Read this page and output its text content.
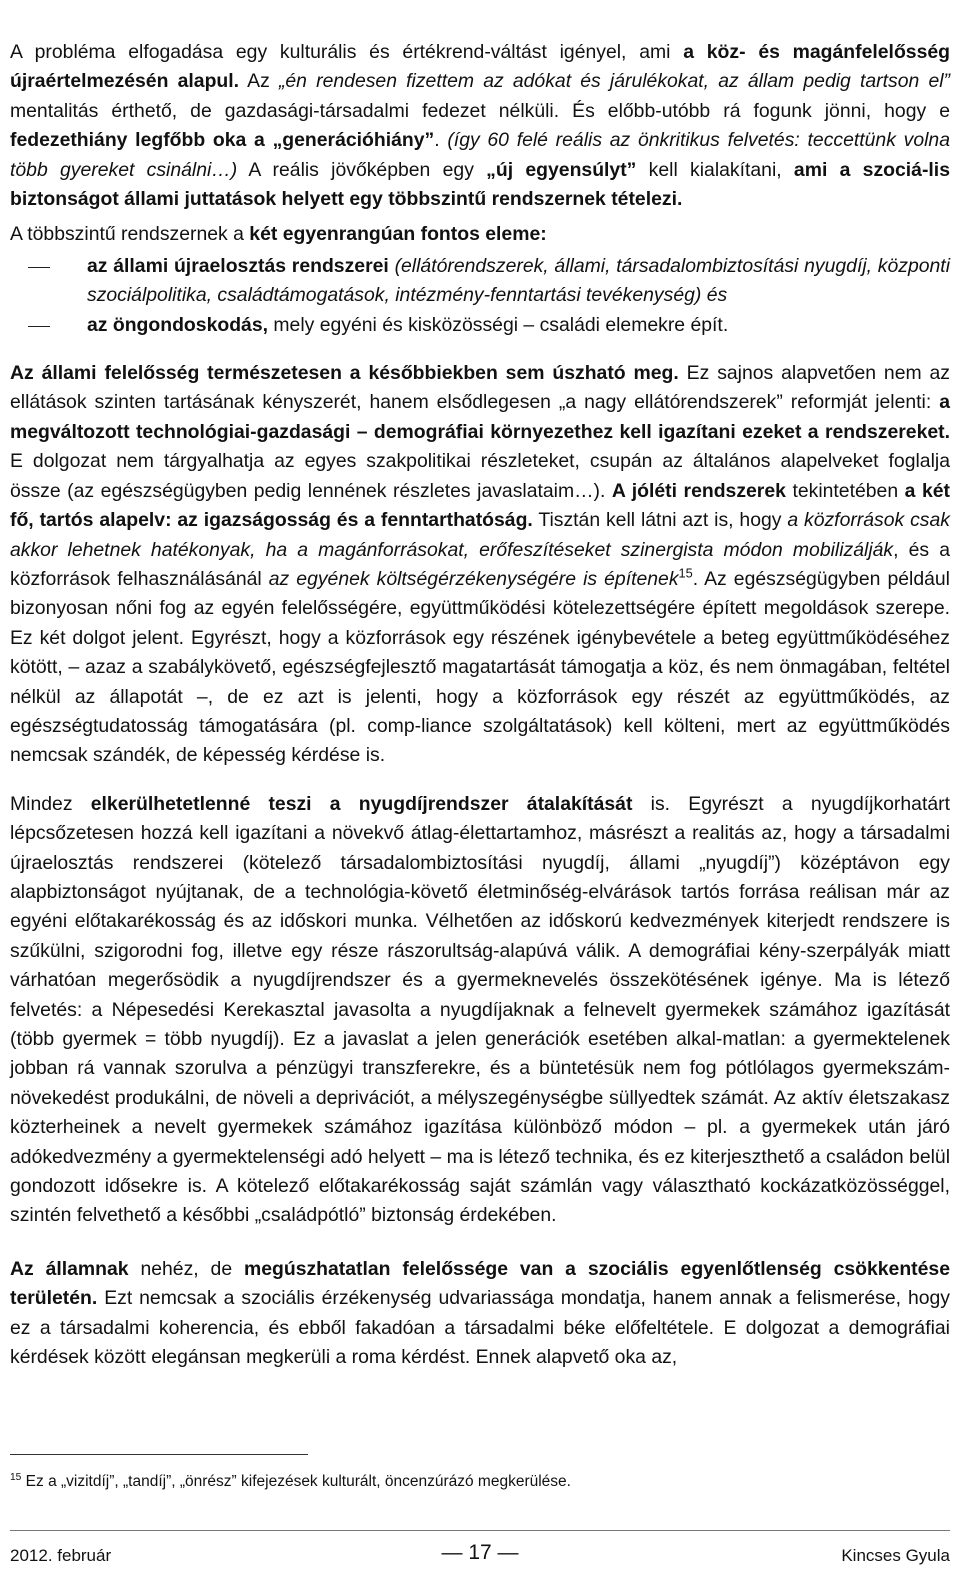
A probléma elfogadása egy kulturális és értékrend-váltást igényel, ami a köz- és magánfelelősség újraértelmezésén alapul. Az „én rendesen fizettem az adókat és járulékokat, az állam pedig tartson el” mentalitás érthető, de gazdasági-társadalmi fedezet nélküli. És előbb-utóbb rá fogunk jönni, hogy e fedezethiány legfőbb oka a „generációhiány”. (így 60 felé reális az önkritikus felvetés: teccettünk volna több gyereket csinálni…) A reális jövőképben egy „új egyensúlyt” kell kialakítani, ami a szociá-lis biztonságot állami juttatások helyett egy többszintű rendszernek tételezi.

A többszintű rendszernek a két egyenrangúan fontos eleme:

az állami újraelosztás rendszerei (ellátórendszerek, állami, társadalombiztosítási nyugdíj, központi szociálpolitika, családtámogatások, intézmény-fenntartási tevékenység) és
az öngondoskodás, mely egyéni és kisközösségi – családi elemekre épít.

Az állami felelősség természetesen a későbbiekben sem úszható meg. Ez sajnos alapvetően nem az ellátások szinten tartásának kényszerét, hanem elsődlegesen „a nagy ellátórendszerek” reformját jelenti: a megváltozott technológiai-gazdasági – demográfiai környezethez kell igazítani ezeket a rendszereket. E dolgozat nem tárgyalhatja az egyes szakpolitikai részleteket, csupán az általános alapelveket foglalja össze (az egészségügyben pedig lennének részletes javaslataim…). A jóléti rendszerek tekintetében a két fő, tartós alapelv: az igazságosság és a fenntarthatóság. Tisztán kell látni azt is, hogy a közforrások csak akkor lehetnek hatékonyak, ha a magánforrásokat, erőfeszítéseket szinergista módon mobilizálják, és a közforrások felhasználásánál az egyének költségérzékenységére is építenek$^{15}$. Az egészségügyben például bizonyosan nőni fog az egyén felelősségére, együttműködési kötelezettségére épített megoldások szerepe. Ez két dolgot jelent. Egyrészt, hogy a közforrások egy részének igénybevétele a beteg együttműködéséhez kötött, – azaz a szabálykövető, egészségfejlesztő magatartását támogatja a köz, és nem önmagában, feltétel nélkül az állapotát –, de ez azt is jelenti, hogy a közforrások egy részét az együttműködés, az egészségtudatosság támogatására (pl. comp-liance szolgáltatások) kell költeni, mert az együttműködés nemcsak szándék, de képesség kérdése is.

Mindez elkerülhetetlenné teszi a nyugdíjrendszer átalakítását is. Egyrészt a nyugdíjkorhatárt lépcsőzetesen hozzá kell igazítani a növekvő átlag-élettartamhoz, másrészt a realitás az, hogy a társadalmi újraelosztás rendszerei (kötelező társadalombiztosítási nyugdíj, állami „nyugdíj”) középtávon egy alapbiztonságot nyújtanak, de a technológia-követő életminőség-elvárások tartós forrása reálisan már az egyéni előtakarékosság és az időskori munka. Vélhetően az időskorú kedvezmények kiterjedt rendszere is szűkülni, szigorodni fog, illetve egy része rászorultság-alapúvá válik. A demográfiai kény-szerpályák miatt várhatóan megerősödik a nyugdíjrendszer és a gyermeknevelés összekötésének igénye. Ma is létező felvetés: a Népesedési Kerekasztal javasolta a nyugdíjaknak a felnevelt gyermekek számához igazítását (több gyermek = több nyugdíj). Ez a javaslat a jelen generációk esetében alkal-matlan: a gyermektelenek jobban rá vannak szorulva a pénzügyi transzferekre, és a büntetésük nem fog pótlólagos gyermekszám-növekedést produkálni, de növeli a deprivációt, a mélyszegénységbe süllyedtek számát. Az aktív életszakasz közterheinek a nevelt gyermekek számához igazítása különböző módon – pl. a gyermekek után járó adókedvezmény a gyermektelenségi adó helyett – ma is létező technika, és ez kiterjeszthető a családon belül gondozott idősekre is. A kötelező előtakarékosság saját számlán vagy választható kockázatközösséggel, szintén felvethető a későbbi „családpótló” biztonság érdekében.

Az államnak nehéz, de megúszhatatlan felelőssége van a szociális egyenlőtlenség csökkentése területén. Ezt nemcsak a szociális érzékenység udvariassága mondatja, hanem annak a felismerése, hogy ez a társadalmi koherencia, és ebből fakadóan a társadalmi béke előfeltétele. E dolgozat a demográfiai kérdések között elegánsan megkerüli a roma kérdést. Ennek alapvető oka az,

$^{15}$ Ez a „vizitdíj”, „tandíj”, „önrész” kifejezések kulturált, öncenzúrázó megkerülése.
2012. február	— 17 —	Kincses Gyula
